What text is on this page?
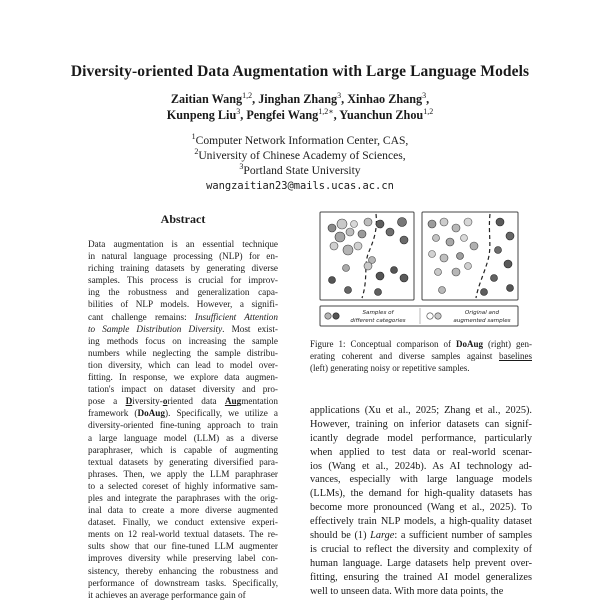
Diversity-oriented Data Augmentation with Large Language Models
Zaitian Wang$^{1,2}$, Jinghan Zhang$^3$, Xinhao Zhang$^3$,
Kunpeng Liu$^3$, Pengfei Wang$^{1,2∗}$, Yuanchun Zhou$^{1,2}$
$^1$Computer Network Information Center, CAS,
$^2$University of Chinese Academy of Sciences,
$^3$Portland State University
wangzaitian23@mails.ucas.ac.cn
Abstract
Data augmentation is an essential technique
in natural language processing (NLP) for en-
riching training datasets by generating diverse
samples. This process is crucial for improv-
ing the robustness and generalization capa-
bilities of NLP models. However, a signifi-
cant challenge remains: Insufficient Attention
to Sample Distribution Diversity. Most exist-
ing methods focus on increasing the sample
numbers while neglecting the sample distribu-
tion diversity, which can lead to model over-
fitting. In response, we explore data augmen-
tation's impact on dataset diversity and pro-
pose a Diversity-oriented data Augmentation
framework (DoAug). Specifically, we utilize a
diversity-oriented fine-tuning approach to train
a large language model (LLM) as a diverse
paraphraser, which is capable of augmenting
textual datasets by generating diversified para-
phrases. Then, we apply the LLM paraphraser
to a selected coreset of highly informative sam-
ples and integrate the paraphrases with the orig-
inal data to create a more diverse augmented
dataset. Finally, we conduct extensive experi-
ments on 12 real-world textual datasets. The re-
sults show that our fine-tuned LLM augmenter
improves diversity while preserving label con-
sistency, thereby enhancing the robustness and
performance of downstream tasks. Specifically,
it achieves an average performance gain of
Samples of
different categories
Original and
augmented samples
Figure 1: Conceptual comparison of DoAug (right) gen-
erating coherent and diverse samples against baselines
(left) generating noisy or repetitive samples.
applications (Xu et al., 2025; Zhang et al., 2025).
However, training on inferior datasets can signif-
icantly degrade model performance, particularly
when applied to test data or real-world scenar-
ios (Wang et al., 2024b). As AI technology ad-
vances, especially with large language models
(LLMs), the demand for high-quality datasets has
become more pronounced (Wang et al., 2025). To
effectively train NLP models, a high-quality dataset
should be (1) Large: a sufficient number of samples
is crucial to reflect the diversity and complexity of
human language. Large datasets help prevent over-
fitting, ensuring the trained AI model generalizes
well to unseen data. With more data points, the
